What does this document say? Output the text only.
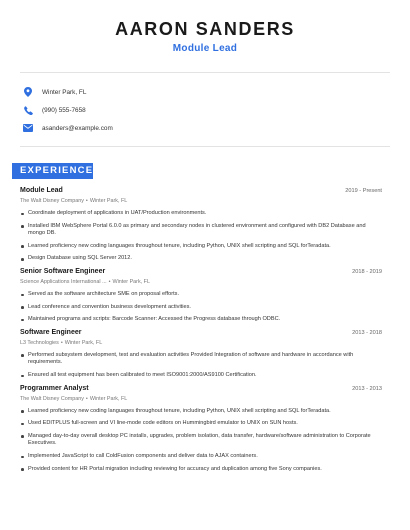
AARON SANDERS
Module Lead
Winter Park, FL
(990) 555-7658
asanders@example.com
EXPERIENCE
Module Lead	2019 - Present
The Walt Disney Company • Winter Park, FL
Coordinate deployment of applications in UAT/Production environments.
Installed IBM WebSphere Portal 6.0.0 as primary and secondary nodes in clustered environment and configured with DB2 Database and mongo DB.
Learned proficiency new coding languages throughout tenure, including Python, UNIX shell scripting and SQL forTeradata.
Design Database using SQL Server 2012.
Senior Software Engineer	2018 - 2019
Science Applications International ... • Winter Park, FL
Served as the software architecture SME on proposal efforts.
Lead conference and convention business development activities.
Maintained programs and scripts: Barcode Scanner: Accessed the Progress database through ODBC.
Software Engineer	2013 - 2018
L3 Technologies • Winter Park, FL
Performed subsystem development, test and evaluation activities Provided Integration of software and hardware in accordance with requirements.
Ensured all test equipment has been calibrated to meet ISO9001:2000/AS9100 Certification.
Programmer Analyst	2013 - 2013
The Walt Disney Company • Winter Park, FL
Learned proficiency new coding languages throughout tenure, including Python, UNIX shell scripting and SQL forTeradata.
Used EDITPLUS full-screen and VI line-mode code editors on Hummingbird emulator to UNIX on SUN hosts.
Managed day-to-day overall desktop PC installs, upgrades, problem isolation, data transfer, hardware/software administration to Corporate Executives.
Implemented JavaScript to call ColdFusion components and deliver data to AJAX containers.
Provided content for HR Portal migration including reviewing for accuracy and duplication among five Sony companies.
